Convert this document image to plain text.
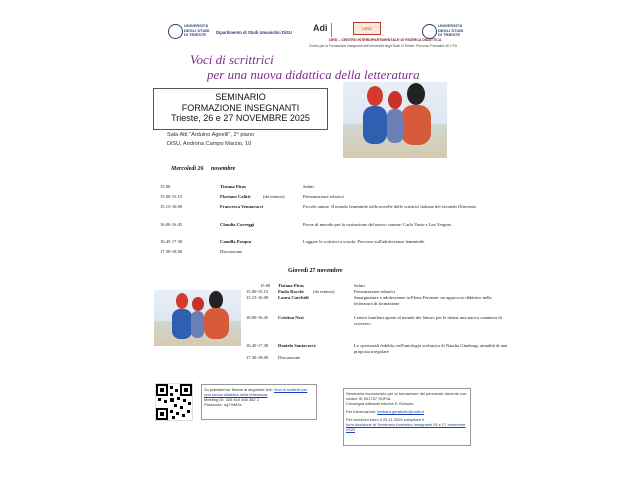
UNIVERSITÀ DEGLI STUDI DI TRIESTE	Dipartimento di Studi Umanistici DiSU	Adi	CIRD
UNIVERSITÀ DEGLI STUDI DI TRIESTE
CIRD – CENTRO INTERDIPARTIMENTALE DI RICERCA DIDATTICA
Centro per la Formazione Insegnanti dell'Università degli Studi di Trieste. Percorso Formativo 60 CFU
Voci di scrittrici
per una nuova didattica della letteratura
SEMINARIO
FORMAZIONE INSEGNANTI
Trieste, 26 e 27 NOVEMBRE 2025
Sala Atti "Arduino Agnelli", 2° piano
DiSU, Androna Campo Marzio, 10
Mercoledì 26     novembre
15.00	Tiziana Piras	Saluti
15.00-15.15	Floriano Calitti	(da remoto)	Presentazione relatrici
15.15-16.00	Francesca Vennarucci	Piccole anime. Il mondo femminile nelle novelle delle scrittrici italiane del secondo Ottocento
16.00-16.45	Claudia Correggi	Prove di metodo per la costruzione del nuovo canone: Carla Vasio e Lea Vergine.
16.45-17.30	Camilla Pasqua	Leggere le scrittrici a scuola. Percorso sull'adolescenza femminile.
17.30-18.00	Discussione
Giovedì 27 novembre
15.00 Tiziana Piras	Saluti
15.00-15.15 Paola Rocchi (da remoto)	Presentazione relatrici
15.15-16.00 Laura Carchidi	Smarginature e adolescenze in Elena Ferrante: un approccio didattico nella letteratura di formazione
16.00-16.45 Cristina Nesi	Lettere familiari aperte al mondo dei lettori: per le donne una nuova «maniera di scrivere»
16.45-17.30 Daniela Santacroce	Le «personali fedeltà» nell'antologia scolastica di Natalia Ginzburg: attualità di una proposta irregolare
17.30-18.00 Discussione
Su piattaforma Teams al seguente link: Voci di scrittrici per una nuova didattica della letteratura
Meeting ID: 326 619 456 382 2
Passcode: ng73rM3s
Seminario riconosciuto per la formazione del personale docente con codice ID 501757 SOFIA.
Consegna Attestati ed/o/se E-Schools.
Per informazioni: barbara.garabello@units.it
Per iscrizioni entro il 25.11.2025 compilare il
form iscrizione al Seminario formativo insegnanti 26 e 27 novembre 2025
